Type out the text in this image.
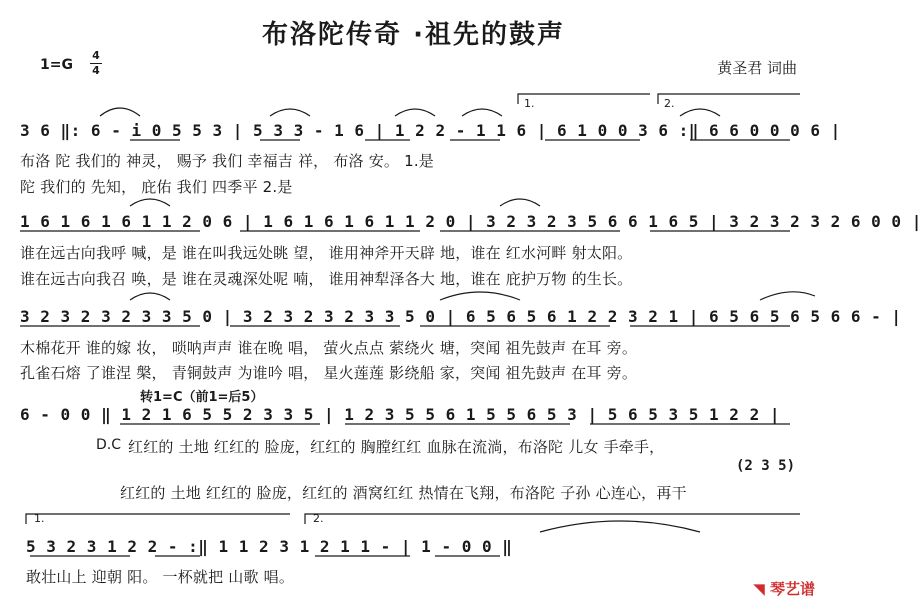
布洛陀传奇 ·祖先的鼓声
1=G
4
4	黄圣君 词曲
3 6 ‖: 6 - i 0 5 5 3 | 5 3 3 - 1 6 | 1 2 2 - 1 1 6 | 6 1 0 0 3 6 :‖ 6 6 0 0 0 6 |
1.	2.
布洛 陀 我们的 神灵， 赐予 我们 幸福吉 祥， 布洛 安。 1.是
陀 我们的 先知， 庇佑 我们 四季平 2.是
1 6 1 6 1 6 1 1 2 0 6 | 1 6 1 6 1 6 1 1 2 0 | 3 2 3 2 3 5 6 6 1 6 5 | 3 2 3 2 3 2 6 0 0 |
谁在远古向我呼 喊，是 谁在叫我远处眺 望， 谁用神斧开天辟 地，谁在 红水河畔 射太阳。
谁在远古向我召 唤，是 谁在灵魂深处呢 喃， 谁用神犁泽各大 地，谁在 庇护万物 的生长。
3 2 3 2 3 2 3 3 5 0 | 3 2 3 2 3 2 3 3 5 0 | 6 5 6 5 6 1 2 2 3 2 1 | 6 5 6 5 6 5 6 6 - |
木棉花开 谁的嫁 妆， 唢呐声声 谁在晚 唱， 萤火点点 萦绕火 塘，突闻 祖先鼓声 在耳 旁。
孔雀石熔 了谁涅 槃， 青铜鼓声 为谁吟 唱， 星火莲莲 影绕船 家，突闻 祖先鼓声 在耳 旁。
转1=C（前1=后5）
6 - 0 0 ‖ 1 2 1 6 5 5 2 3 3 5 | 1 2 3 5 5 6 1 5 5 6 5 3 | 5 6 5 3 5 1 2 2 |
D.C 红红的 土地 红红的 脸庞，红红的 胸膛红红 血脉在流淌，布洛陀 儿女 手牵手，
(2 3 5)
红红的 土地 红红的 脸庞，红红的 酒窝红红 热情在飞翔，布洛陀 子孙 心连心，再干
1.	2.
5 3 2 3 1 2 2 - :‖ 1 1 2 3 1 2 1 1 - | 1 - 0 0 ‖
敢壮山上 迎朝 阳。 一杯就把 山歌 唱。
◥ 琴艺谱
